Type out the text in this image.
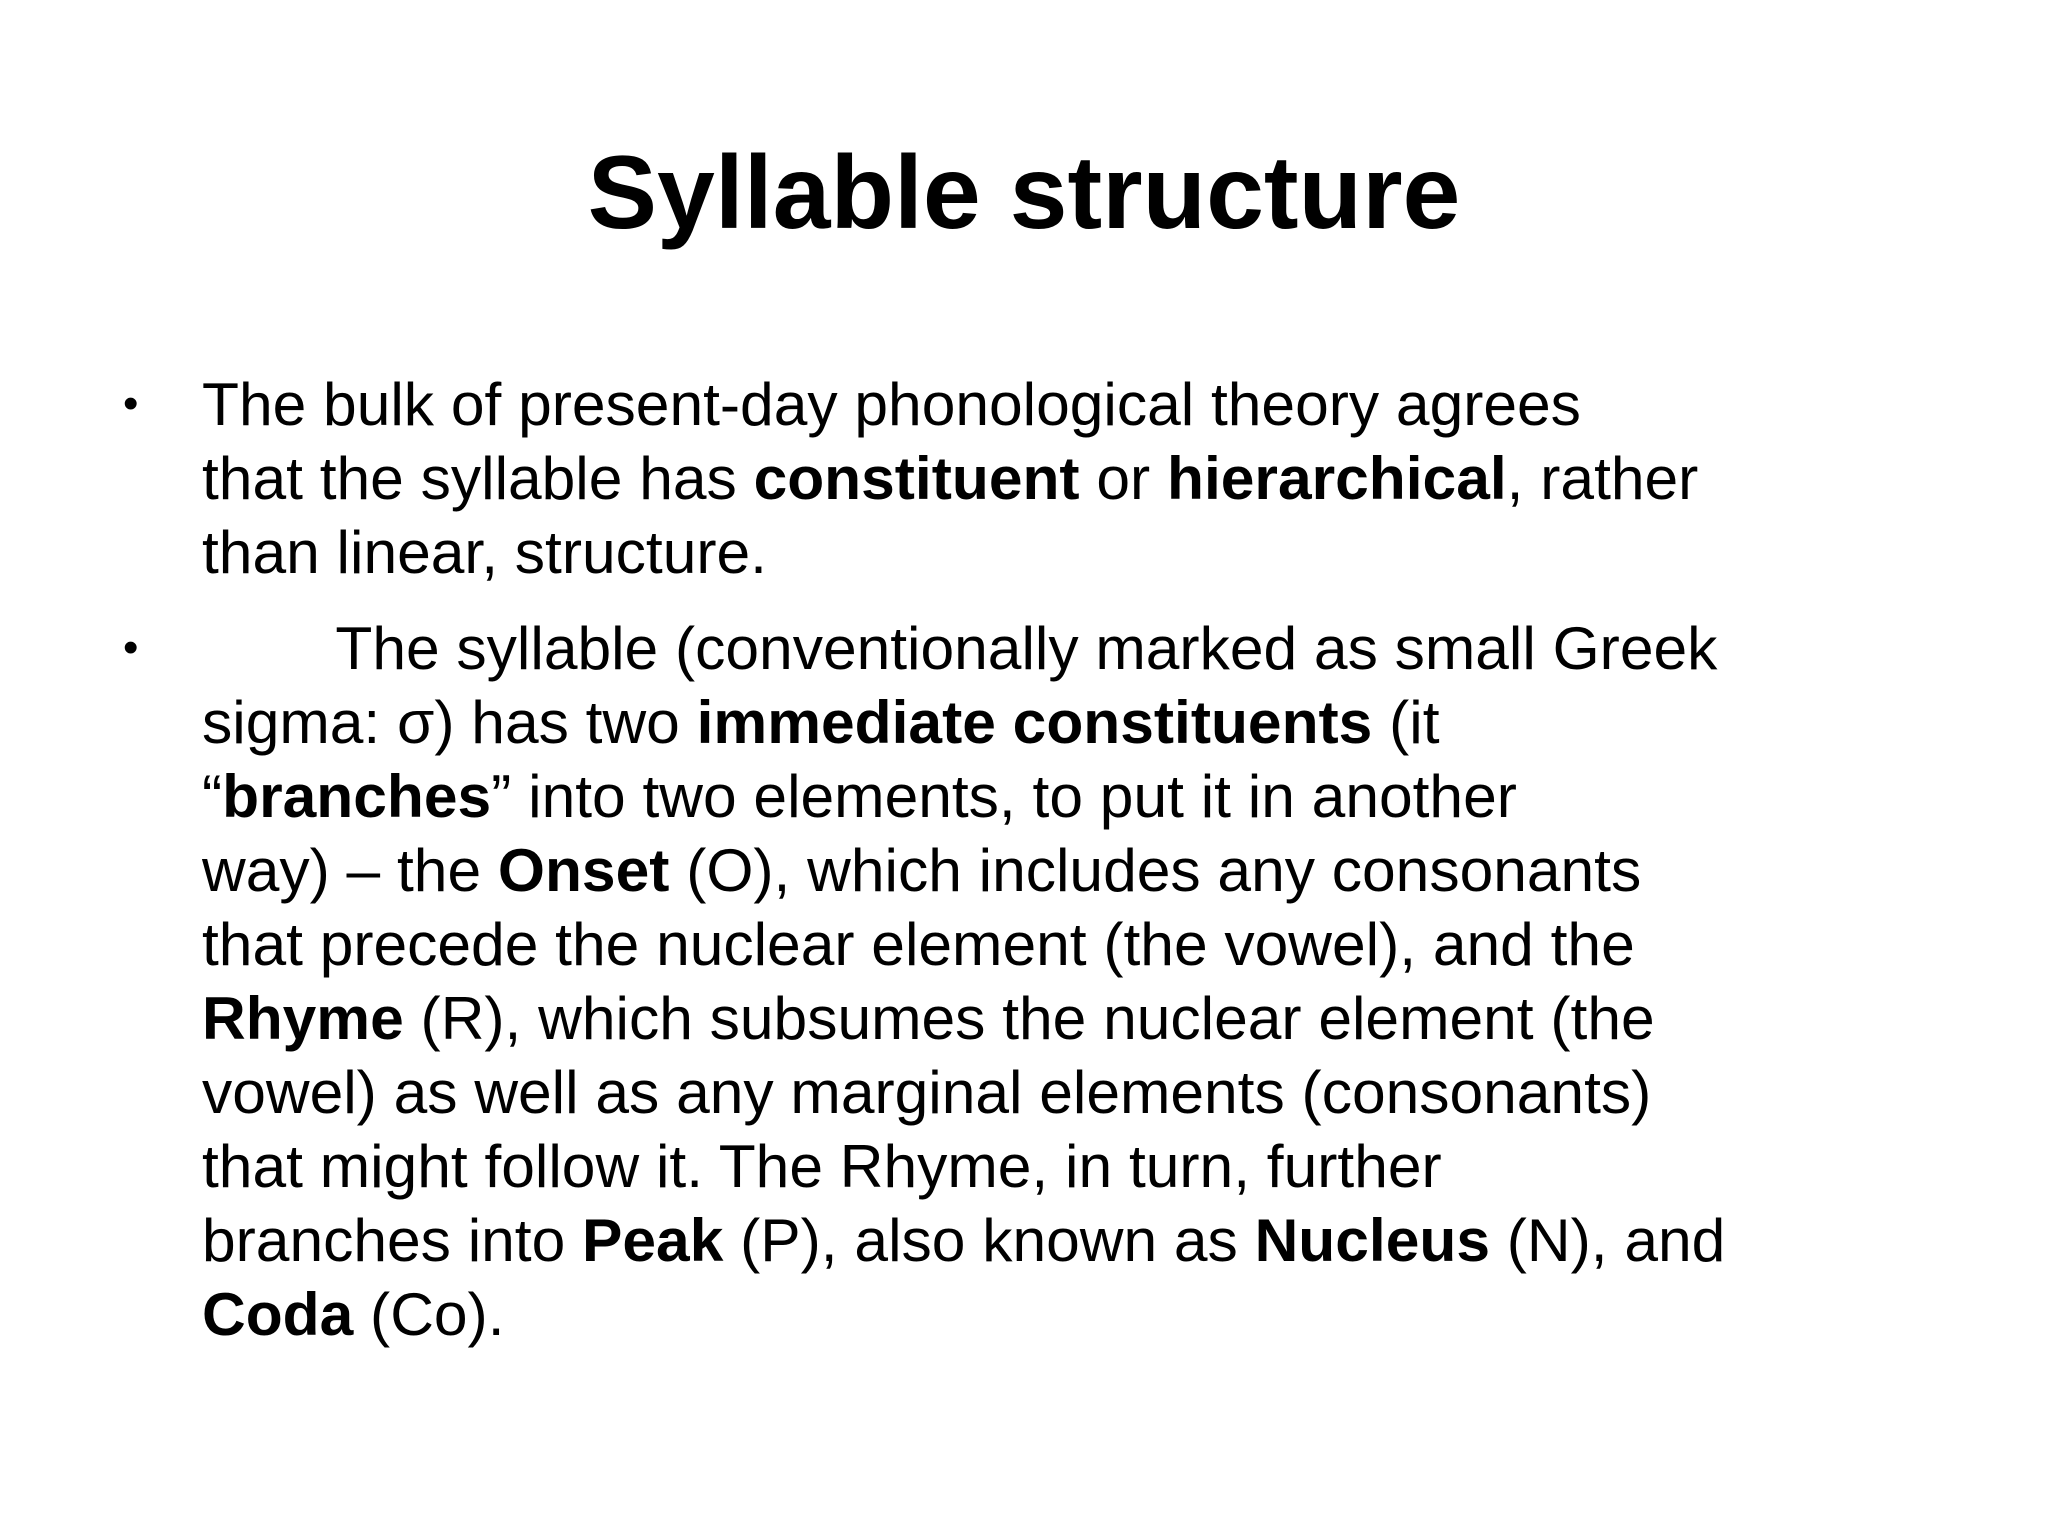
Syllable structure
• The bulk of present-day phonological theory agrees
that the syllable has constituent or hierarchical, rather
than linear, structure.
• The syllable (conventionally marked as small Greek
sigma: σ) has two immediate constituents (it
“branches” into two elements, to put it in another
way) – the Onset (O), which includes any consonants
that precede the nuclear element (the vowel), and the
Rhyme (R), which subsumes the nuclear element (the
vowel) as well as any marginal elements (consonants)
that might follow it. The Rhyme, in turn, further
branches into Peak (P), also known as Nucleus (N), and
Coda (Co).
